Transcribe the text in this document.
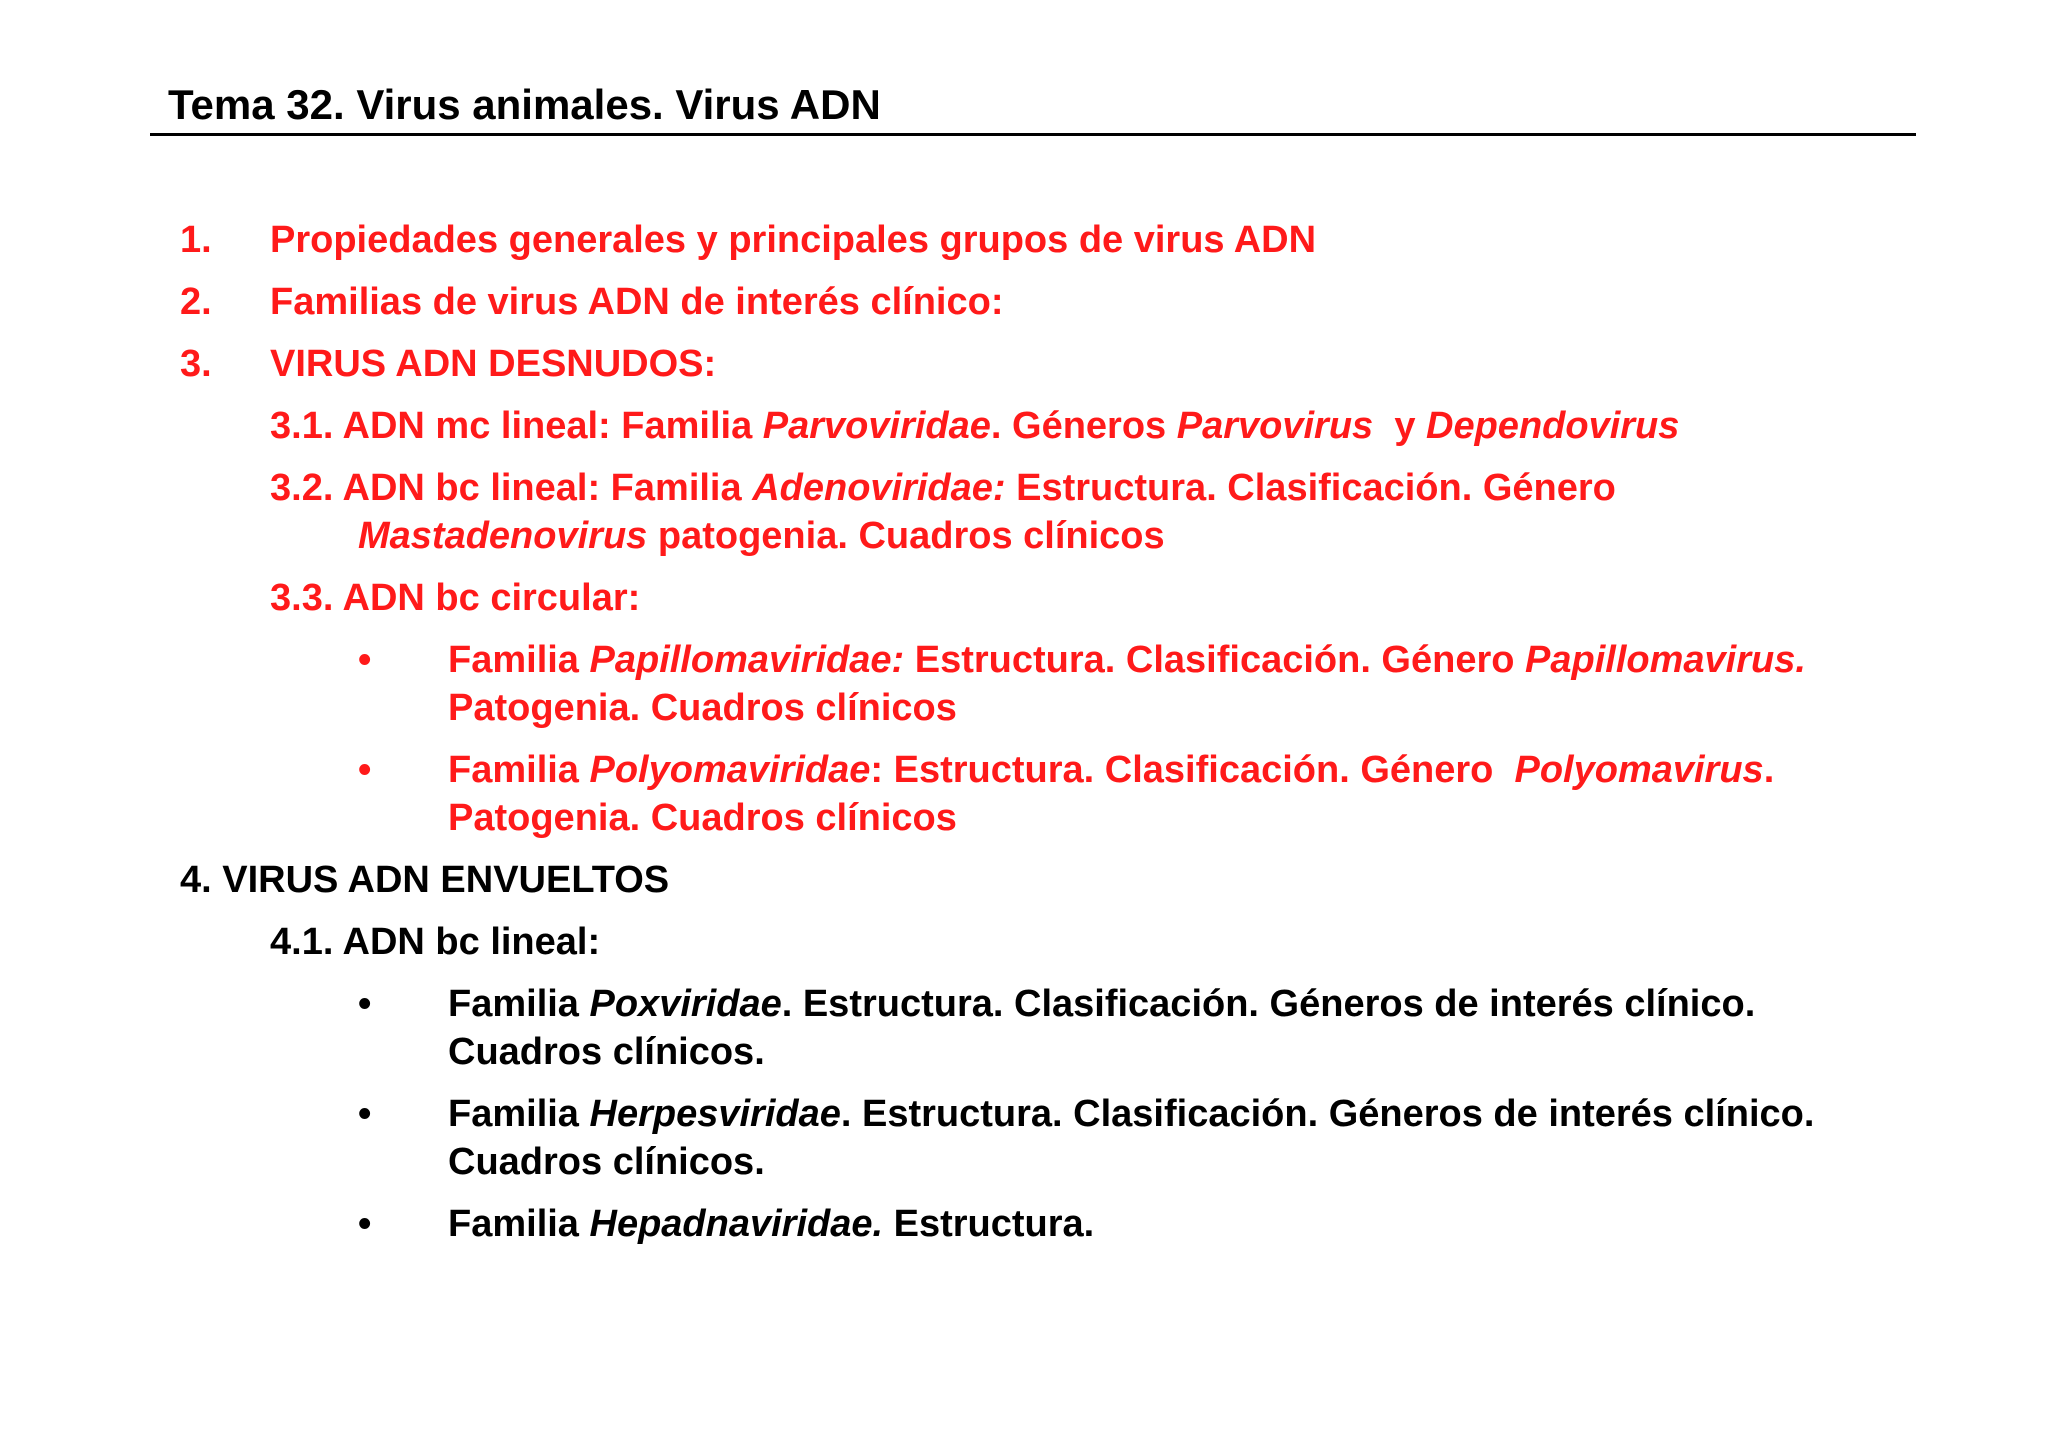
Tema 32. Virus animales. Virus ADN
1. Propiedades generales y principales grupos de virus ADN
2. Familias de virus ADN de interés clínico:
3. VIRUS ADN DESNUDOS:
3.1. ADN mc lineal: Familia Parvoviridae. Géneros Parvovirus  y Dependovirus
3.2. ADN bc lineal: Familia Adenoviridae: Estructura. Clasificación. Género
Mastadenovirus patogenia. Cuadros clínicos
3.3. ADN bc circular:
• Familia Papillomaviridae: Estructura. Clasificación. Género Papillomavirus.
Patogenia. Cuadros clínicos
• Familia Polyomaviridae: Estructura. Clasificación. Género  Polyomavirus.
Patogenia. Cuadros clínicos
4. VIRUS ADN ENVUELTOS
4.1. ADN bc lineal:
• Familia Poxviridae. Estructura. Clasificación. Géneros de interés clínico.
Cuadros clínicos.
• Familia Herpesviridae. Estructura. Clasificación. Géneros de interés clínico.
Cuadros clínicos.
• Familia Hepadnaviridae. Estructura.
